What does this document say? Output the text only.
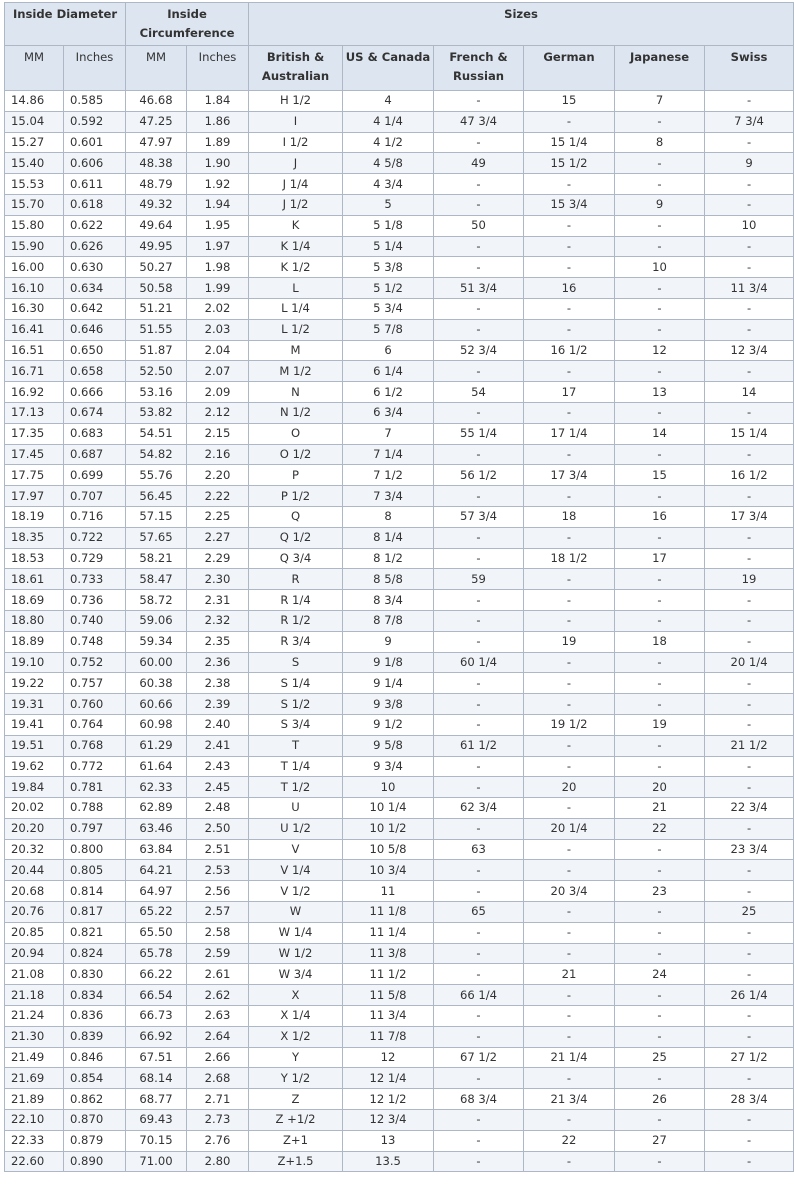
Inside Diameter		Inside Circumference		Sizes					
MM	Inches	MM	Inches	British & Australian	US & Canada	French & Russian	German	Japanese	Swiss
14.86	0.585	46.68	1.84	H 1/2	4	-	15	7	-
15.04	0.592	47.25	1.86	I	4 1/4	47 3/4	-	-	7 3/4
15.27	0.601	47.97	1.89	I 1/2	4 1/2	-	15 1/4	8	-
15.40	0.606	48.38	1.90	J	4 5/8	49	15 1/2	-	9
15.53	0.611	48.79	1.92	J 1/4	4 3/4	-	-	-	-
15.70	0.618	49.32	1.94	J 1/2	5	-	15 3/4	9	-
15.80	0.622	49.64	1.95	K	5 1/8	50	-	-	10
15.90	0.626	49.95	1.97	K 1/4	5 1/4	-	-	-	-
16.00	0.630	50.27	1.98	K 1/2	5 3/8	-	-	10	-
16.10	0.634	50.58	1.99	L	5 1/2	51 3/4	16	-	11 3/4
16.30	0.642	51.21	2.02	L 1/4	5 3/4	-	-	-	-
16.41	0.646	51.55	2.03	L 1/2	5 7/8	-	-	-	-
16.51	0.650	51.87	2.04	M	6	52 3/4	16 1/2	12	12 3/4
16.71	0.658	52.50	2.07	M 1/2	6 1/4	-	-	-	-
16.92	0.666	53.16	2.09	N	6 1/2	54	17	13	14
17.13	0.674	53.82	2.12	N 1/2	6 3/4	-	-	-	-
17.35	0.683	54.51	2.15	O	7	55 1/4	17 1/4	14	15 1/4
17.45	0.687	54.82	2.16	O 1/2	7 1/4	-	-	-	-
17.75	0.699	55.76	2.20	P	7 1/2	56 1/2	17 3/4	15	16 1/2
17.97	0.707	56.45	2.22	P 1/2	7 3/4	-	-	-	-
18.19	0.716	57.15	2.25	Q	8	57 3/4	18	16	17 3/4
18.35	0.722	57.65	2.27	Q 1/2	8 1/4	-	-	-	-
18.53	0.729	58.21	2.29	Q 3/4	8 1/2	-	18 1/2	17	-
18.61	0.733	58.47	2.30	R	8 5/8	59	-	-	19
18.69	0.736	58.72	2.31	R 1/4	8 3/4	-	-	-	-
18.80	0.740	59.06	2.32	R 1/2	8 7/8	-	-	-	-
18.89	0.748	59.34	2.35	R 3/4	9	-	19	18	-
19.10	0.752	60.00	2.36	S	9 1/8	60 1/4	-	-	20 1/4
19.22	0.757	60.38	2.38	S 1/4	9 1/4	-	-	-	-
19.31	0.760	60.66	2.39	S 1/2	9 3/8	-	-	-	-
19.41	0.764	60.98	2.40	S 3/4	9 1/2	-	19 1/2	19	-
19.51	0.768	61.29	2.41	T	9 5/8	61 1/2	-	-	21 1/2
19.62	0.772	61.64	2.43	T 1/4	9 3/4	-	-	-	-
19.84	0.781	62.33	2.45	T 1/2	10	-	20	20	-
20.02	0.788	62.89	2.48	U	10 1/4	62 3/4	-	21	22 3/4
20.20	0.797	63.46	2.50	U 1/2	10 1/2	-	20 1/4	22	-
20.32	0.800	63.84	2.51	V	10 5/8	63	-	-	23 3/4
20.44	0.805	64.21	2.53	V 1/4	10 3/4	-	-	-	-
20.68	0.814	64.97	2.56	V 1/2	11	-	20 3/4	23	-
20.76	0.817	65.22	2.57	W	11 1/8	65	-	-	25
20.85	0.821	65.50	2.58	W 1/4	11 1/4	-	-	-	-
20.94	0.824	65.78	2.59	W 1/2	11 3/8	-	-	-	-
21.08	0.830	66.22	2.61	W 3/4	11 1/2	-	21	24	-
21.18	0.834	66.54	2.62	X	11 5/8	66 1/4	-	-	26 1/4
21.24	0.836	66.73	2.63	X 1/4	11 3/4	-	-	-	-
21.30	0.839	66.92	2.64	X 1/2	11 7/8	-	-	-	-
21.49	0.846	67.51	2.66	Y	12	67 1/2	21 1/4	25	27 1/2
21.69	0.854	68.14	2.68	Y 1/2	12 1/4	-	-	-	-
21.89	0.862	68.77	2.71	Z	12 1/2	68 3/4	21 3/4	26	28 3/4
22.10	0.870	69.43	2.73	Z +1/2	12 3/4	-	-	-	-
22.33	0.879	70.15	2.76	Z+1	13	-	22	27	-
22.60	0.890	71.00	2.80	Z+1.5	13.5	-	-	-	-
